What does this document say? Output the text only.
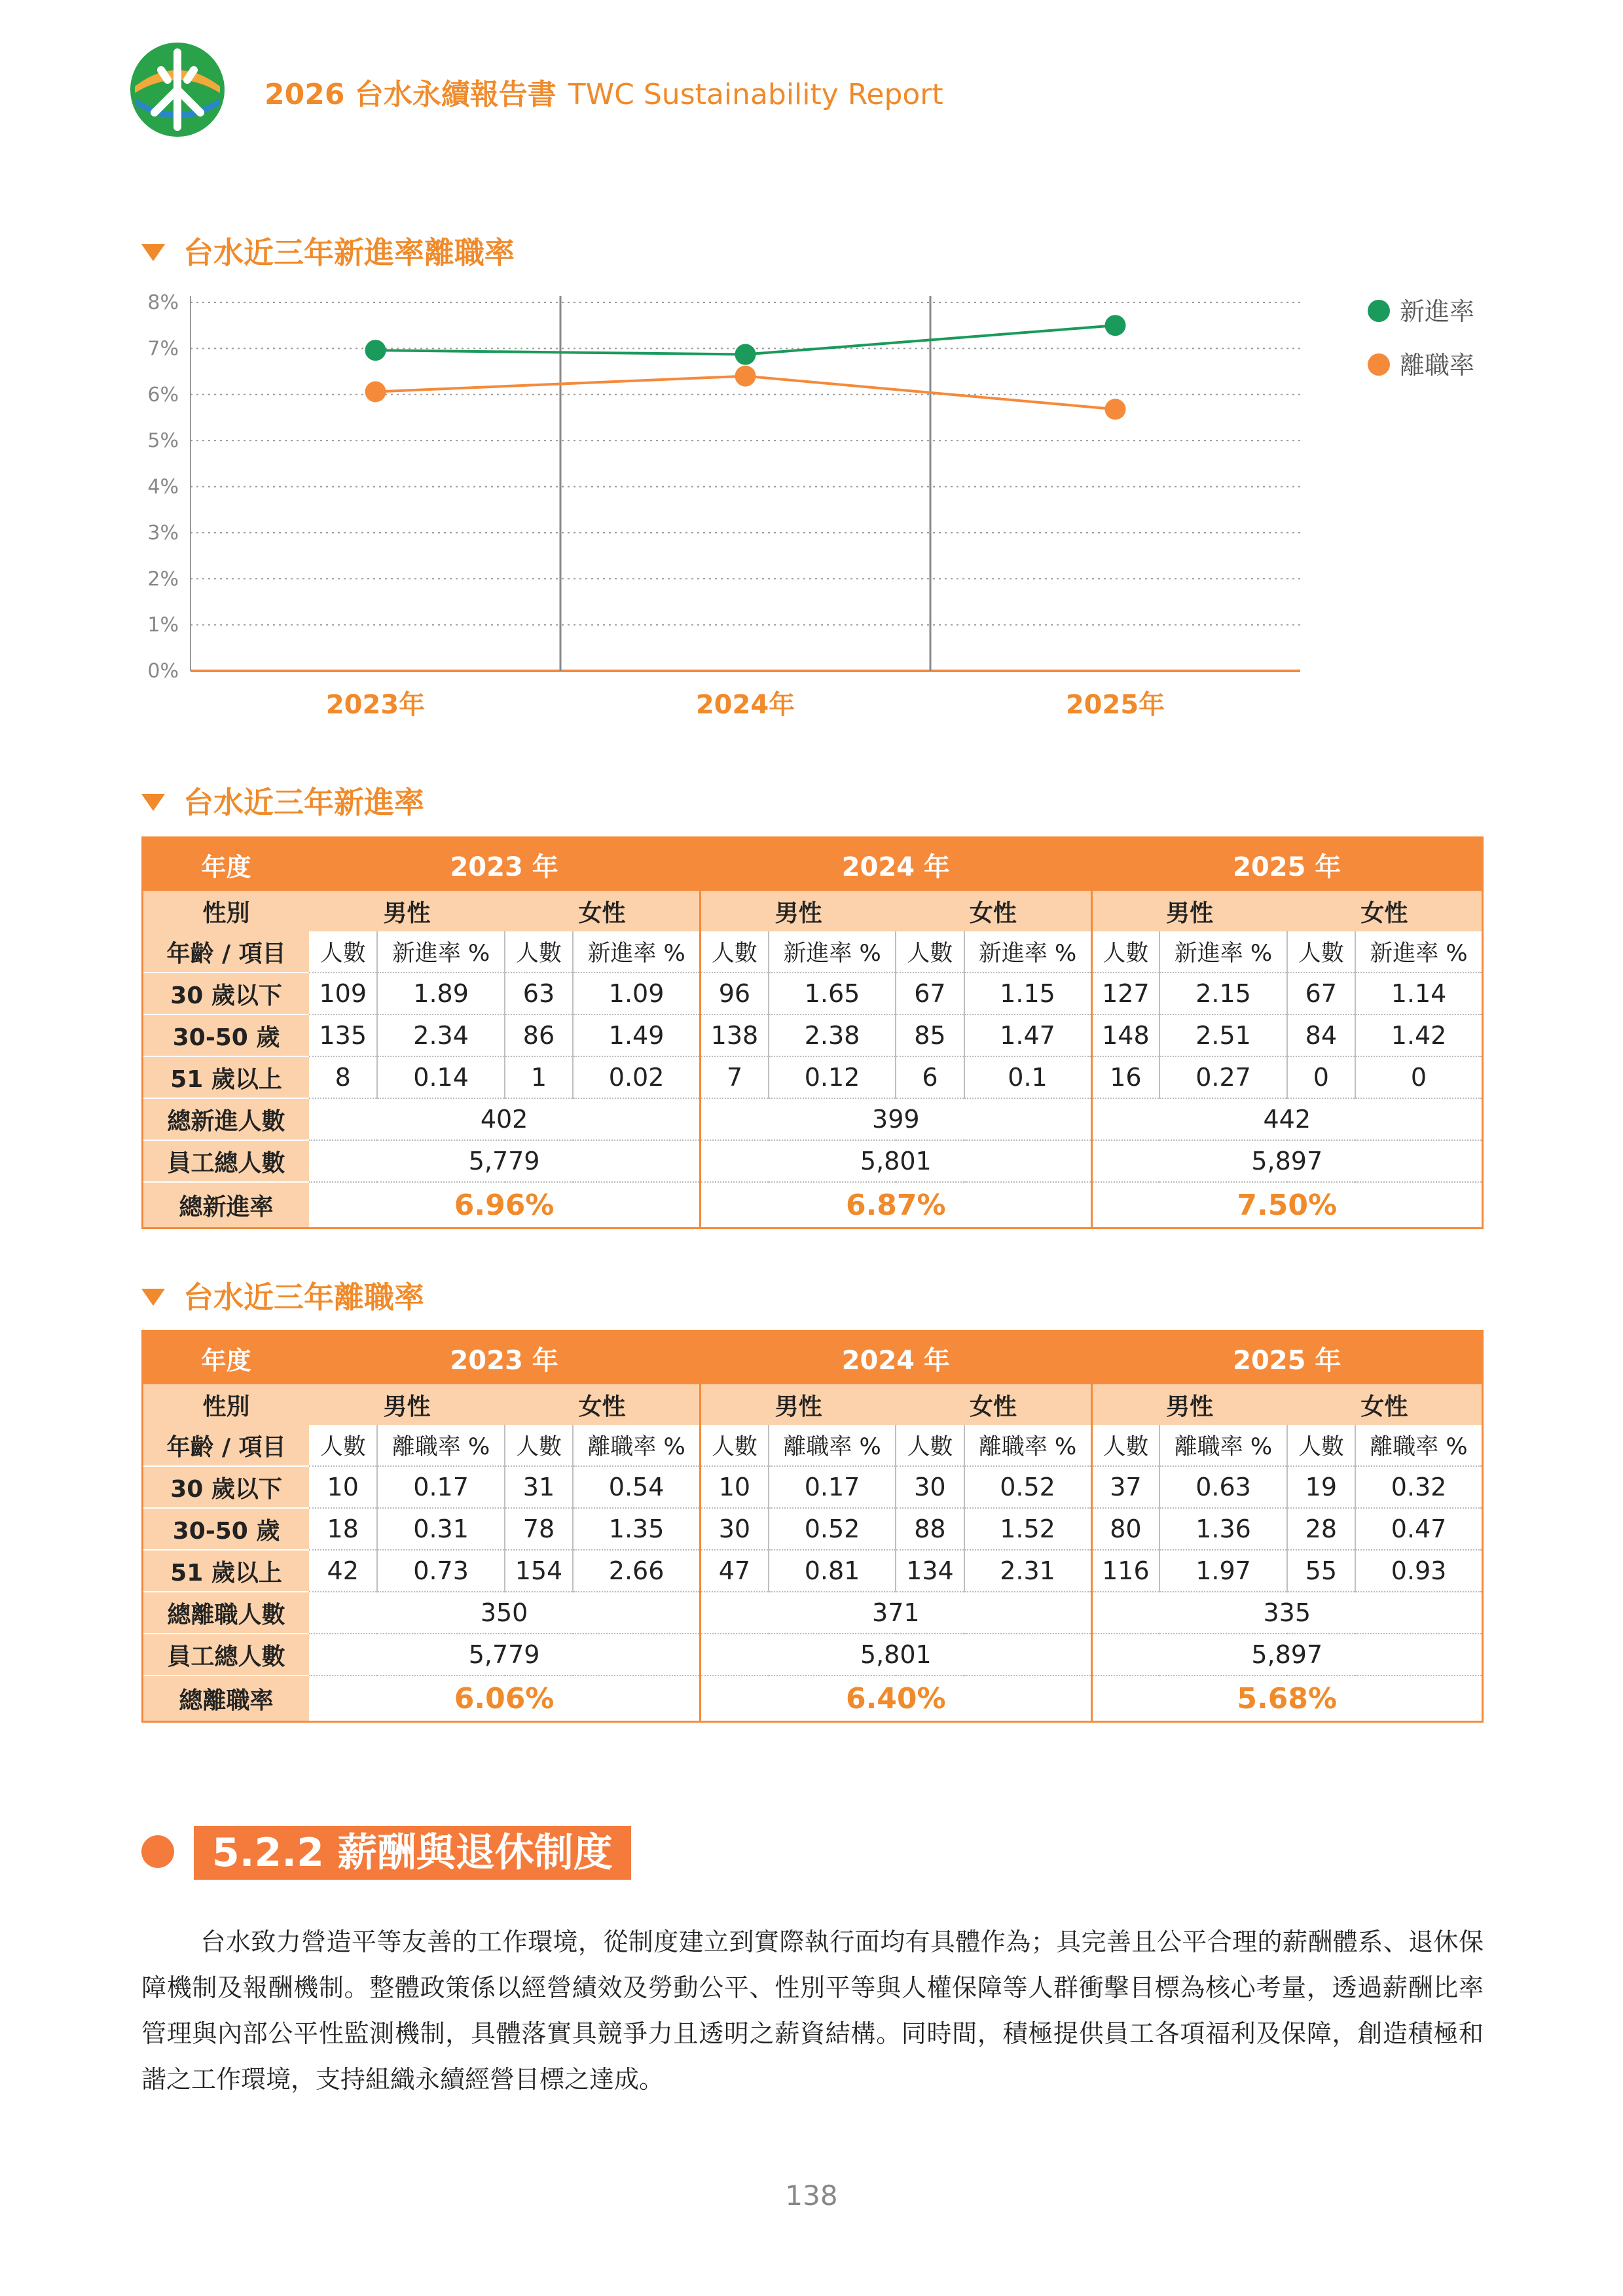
2026 台水永續報告書 TWC Sustainability Report
台水近三年新進率離職率
0%
1%
2%
3%
4%
5%
6%
7%
8%
2023年	2024年	2025年
新進率
離職率
台水近三年新進率
年度	2023 年				2024 年				2025 年			
性別	男性		女性		男性		女性		男性		女性	
年齡 / 項目	人數	新進率 %	人數	新進率 %	人數	新進率 %	人數	新進率 %	人數	新進率 %	人數	新進率 %
30 歲以下	109	1.89	63	1.09	96	1.65	67	1.15	127	2.15	67	1.14
30-50 歲	135	2.34	86	1.49	138	2.38	85	1.47	148	2.51	84	1.42
51 歲以上	8	0.14	1	0.02	7	0.12	6	0.1	16	0.27	0	0
總新進人數	402				399				442			
員工總人數	5,779				5,801				5,897			
總新進率	6.96%				6.87%				7.50%			
台水近三年離職率
年度	2023 年				2024 年				2025 年			
性別	男性		女性		男性		女性		男性		女性	
年齡 / 項目	人數	離職率 %	人數	離職率 %	人數	離職率 %	人數	離職率 %	人數	離職率 %	人數	離職率 %
30 歲以下	10	0.17	31	0.54	10	0.17	30	0.52	37	0.63	19	0.32
30-50 歲	18	0.31	78	1.35	30	0.52	88	1.52	80	1.36	28	0.47
51 歲以上	42	0.73	154	2.66	47	0.81	134	2.31	116	1.97	55	0.93
總離職人數	350				371				335			
員工總人數	5,779				5,801				5,897			
總離職率	6.06%				6.40%				5.68%			
5.2.2 薪酬與退休制度
台水致力營造平等友善的工作環境，從制度建立到實際執行面均有具體作為；具完善且公平合理的薪酬體系、退休保障機制及報酬機制。整體政策係以經營績效及勞動公平、性別平等與人權保障等人群衝擊目標為核心考量，透過薪酬比率管理與內部公平性監測機制，具體落實具競爭力且透明之薪資結構。同時間，積極提供員工各項福利及保障，創造積極和諧之工作環境，支持組織永續經營目標之達成。
138
